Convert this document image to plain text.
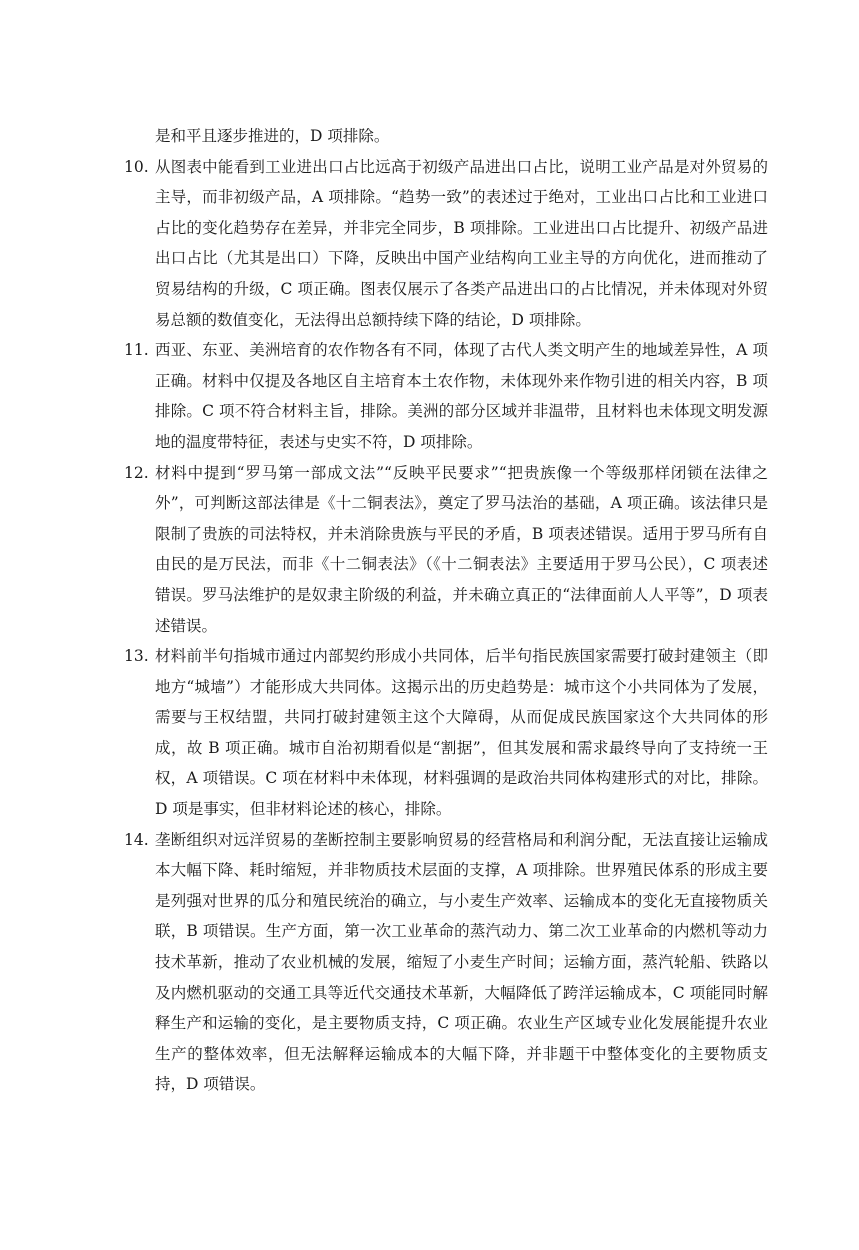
是和平且逐步推进的，D 项排除。

10. 从图表中能看到工业进出口占比远高于初级产品进出口占比，说明工业产品是对外贸易的主导，而非初级产品，A 项排除。“趋势一致”的表述过于绝对，工业出口占比和工业进口占比的变化趋势存在差异，并非完全同步，B 项排除。工业进出口占比提升、初级产品进出口占比（尤其是出口）下降，反映出中国产业结构向工业主导的方向优化，进而推动了贸易结构的升级，C 项正确。图表仅展示了各类产品进出口的占比情况，并未体现对外贸易总额的数值变化，无法得出总额持续下降的结论，D 项排除。

11. 西亚、东亚、美洲培育的农作物各有不同，体现了古代人类文明产生的地域差异性，A 项正确。材料中仅提及各地区自主培育本土农作物，未体现外来作物引进的相关内容，B 项排除。C 项不符合材料主旨，排除。美洲的部分区域并非温带，且材料也未体现文明发源地的温度带特征，表述与史实不符，D 项排除。

12. 材料中提到“罗马第一部成文法”“反映平民要求”“把贵族像一个等级那样闭锁在法律之外”，可判断这部法律是《十二铜表法》，奠定了罗马法治的基础，A 项正确。该法律只是限制了贵族的司法特权，并未消除贵族与平民的矛盾，B 项表述错误。适用于罗马所有自由民的是万民法，而非《十二铜表法》（《十二铜表法》主要适用于罗马公民），C 项表述错误。罗马法维护的是奴隶主阶级的利益，并未确立真正的“法律面前人人平等”，D 项表述错误。

13. 材料前半句指城市通过内部契约形成小共同体，后半句指民族国家需要打破封建领主（即地方“城墙”）才能形成大共同体。这揭示出的历史趋势是：城市这个小共同体为了发展，需要与王权结盟，共同打破封建领主这个大障碍，从而促成民族国家这个大共同体的形成，故 B 项正确。城市自治初期看似是“割据”，但其发展和需求最终导向了支持统一王权，A 项错误。C 项在材料中未体现，材料强调的是政治共同体构建形式的对比，排除。D 项是事实，但非材料论述的核心，排除。

14. 垄断组织对远洋贸易的垄断控制主要影响贸易的经营格局和利润分配，无法直接让运输成本大幅下降、耗时缩短，并非物质技术层面的支撑，A 项排除。世界殖民体系的形成主要是列强对世界的瓜分和殖民统治的确立，与小麦生产效率、运输成本的变化无直接物质关联，B 项错误。生产方面，第一次工业革命的蒸汽动力、第二次工业革命的内燃机等动力技术革新，推动了农业机械的发展，缩短了小麦生产时间；运输方面，蒸汽轮船、铁路以及内燃机驱动的交通工具等近代交通技术革新，大幅降低了跨洋运输成本，C 项能同时解释生产和运输的变化，是主要物质支持，C 项正确。农业生产区域专业化发展能提升农业生产的整体效率，但无法解释运输成本的大幅下降，并非题干中整体变化的主要物质支持，D 项错误。
